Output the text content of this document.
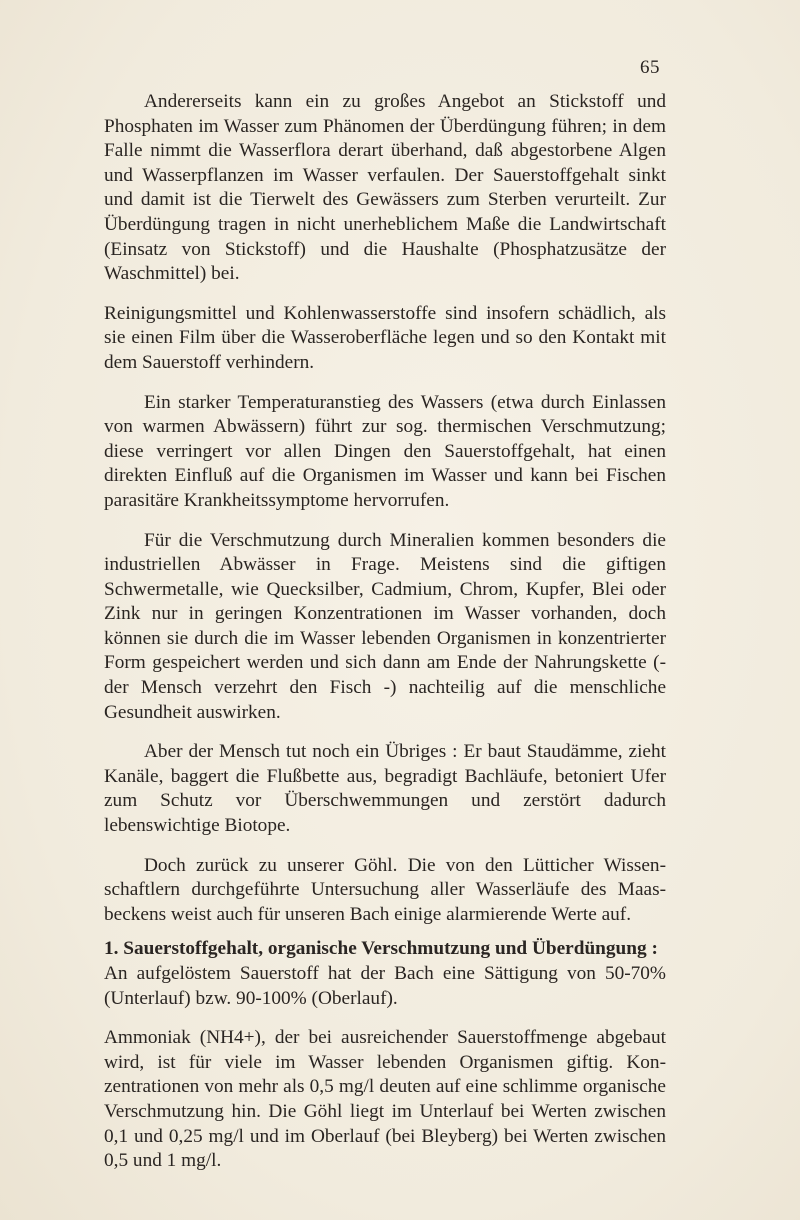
65

Andererseits kann ein zu großes Angebot an Stickstoff und Phosphaten im Wasser zum Phänomen der Überdüngung führen; in dem Falle nimmt die Wasserflora derart überhand, daß abgestorbene Algen und Wasserpflanzen im Wasser verfaulen. Der Sauerstoffgehalt sinkt und damit ist die Tierwelt des Gewässers zum Sterben verurteilt. Zur Überdüngung tragen in nicht unerheblichem Maße die Landwirtschaft (Einsatz von Stickstoff) und die Haushalte (Phosphatzusätze der Waschmittel) bei.

Reinigungsmittel und Kohlenwasserstoffe sind insofern schädlich, als sie einen Film über die Wasseroberfläche legen und so den Kontakt mit dem Sauerstoff verhindern.

Ein starker Temperaturanstieg des Wassers (etwa durch Einlassen von warmen Abwässern) führt zur sog. thermischen Verschmutzung; diese verringert vor allen Dingen den Sauerstoffgehalt, hat einen direkten Einfluß auf die Organismen im Wasser und kann bei Fischen parasitäre Krankheitssymptome hervorrufen.

Für die Verschmutzung durch Mineralien kommen besonders die industriellen Abwässer in Frage. Meistens sind die giftigen Schwermetalle, wie Quecksilber, Cadmium, Chrom, Kupfer, Blei oder Zink nur in geringen Konzentrationen im Wasser vorhanden, doch können sie durch die im Wasser lebenden Organismen in konzentrierter Form gespeichert werden und sich dann am Ende der Nahrungskette (- der Mensch verzehrt den Fisch -) nachteilig auf die menschliche Gesundheit auswirken.

Aber der Mensch tut noch ein Übriges : Er baut Staudämme, zieht Kanäle, baggert die Flußbette aus, begradigt Bachläufe, betoniert Ufer zum Schutz vor Überschwemmungen und zerstört dadurch lebenswichtige Biotope.

Doch zurück zu unserer Göhl. Die von den Lütticher Wissenschaftlern durchgeführte Untersuchung aller Wasserläufe des Maasbeckens weist auch für unseren Bach einige alarmierende Werte auf.

1. Sauerstoffgehalt, organische Verschmutzung und Überdüngung :

An aufgelöstem Sauerstoff hat der Bach eine Sättigung von 50-70% (Unterlauf) bzw. 90-100% (Oberlauf).

Ammoniak (NH4+), der bei ausreichender Sauerstoffmenge abgebaut wird, ist für viele im Wasser lebenden Organismen giftig. Konzentrationen von mehr als 0,5 mg/l deuten auf eine schlimme organische Verschmutzung hin. Die Göhl liegt im Unterlauf bei Werten zwischen 0,1 und 0,25 mg/l und im Oberlauf (bei Bleyberg) bei Werten zwischen 0,5 und 1 mg/l.
